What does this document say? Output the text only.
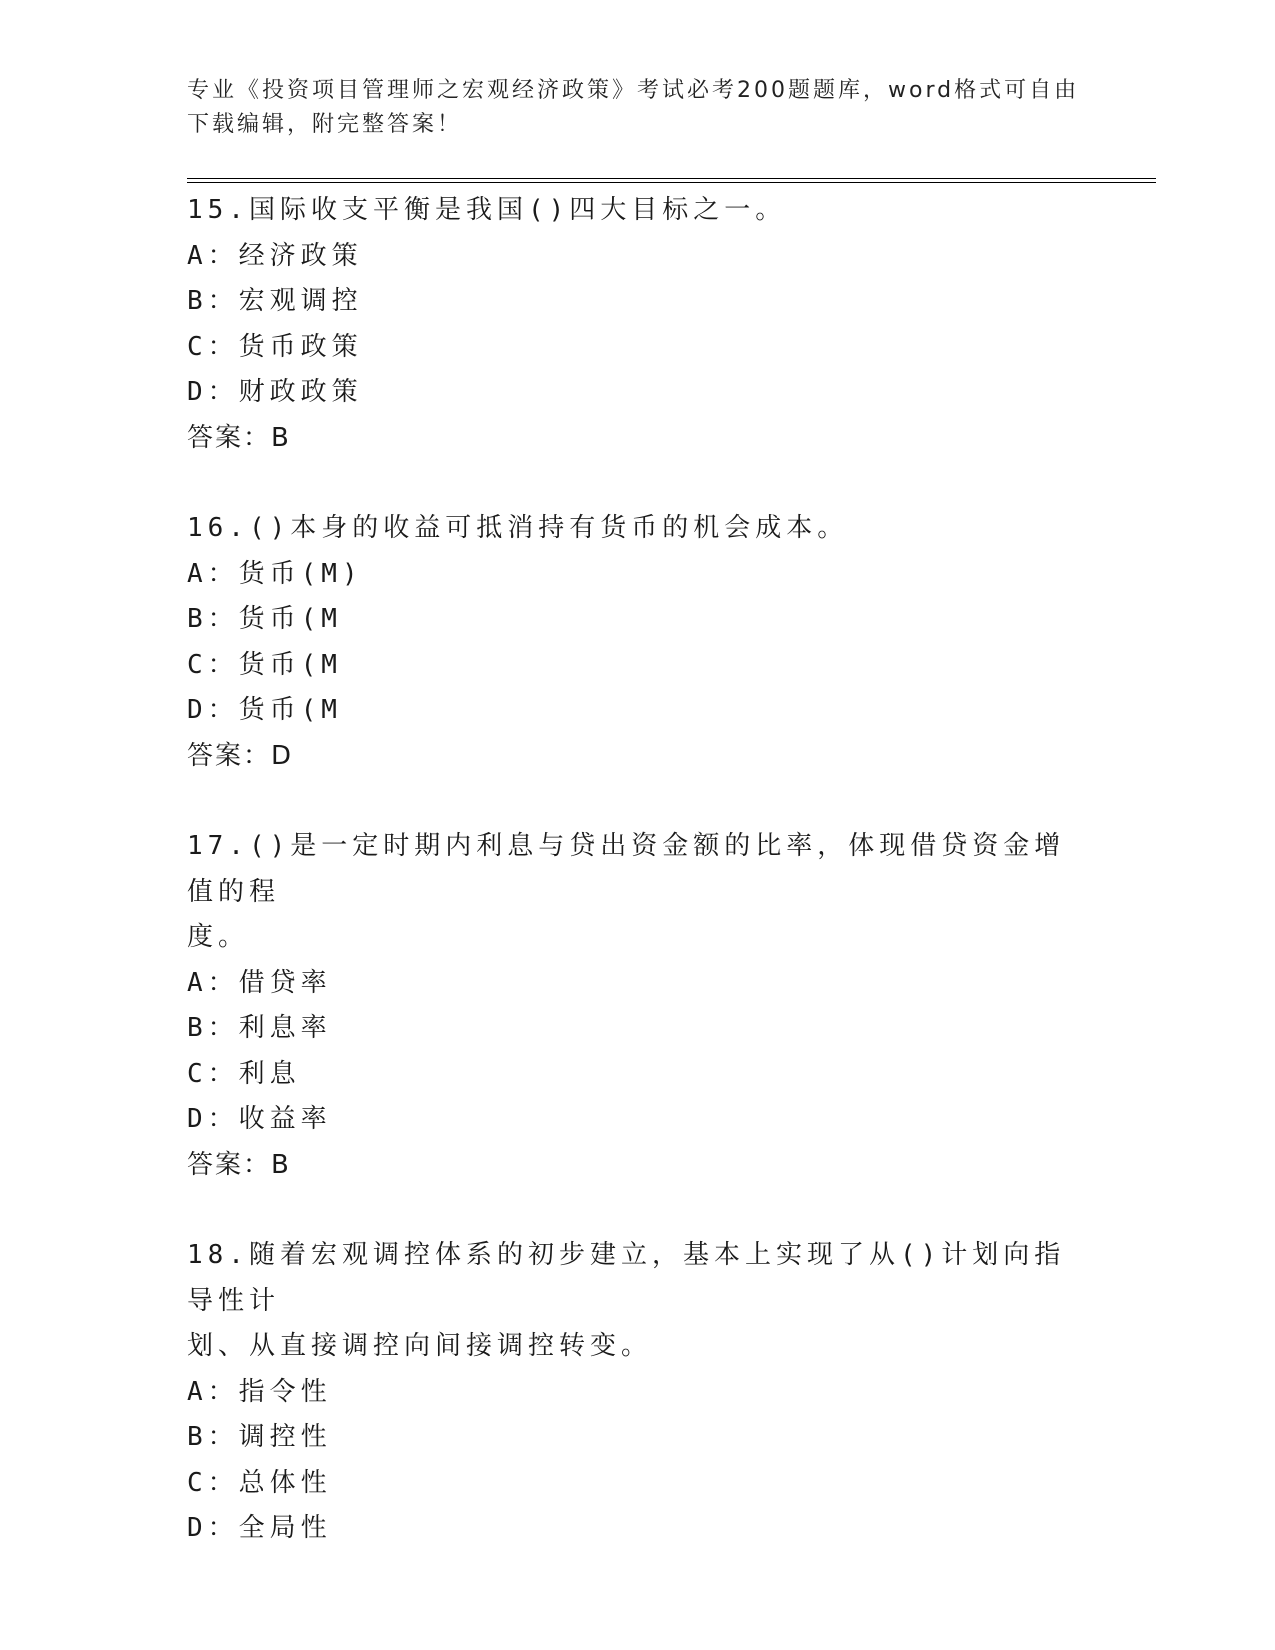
专业《投资项目管理师之宏观经济政策》考试必考200题题库，word格式可自由
下载编辑，附完整答案！
15.国际收支平衡是我国()四大目标之一。
A：经济政策
B：宏观调控
C：货币政策
D：财政政策
答案：B
16.()本身的收益可抵消持有货币的机会成本。
A：货币(M)
B：货币(M
C：货币(M
D：货币(M
答案：D
17.()是一定时期内利息与贷出资金额的比率，体现借贷资金增值的程
度。
A：借贷率
B：利息率
C：利息
D：收益率
答案：B
18.随着宏观调控体系的初步建立，基本上实现了从()计划向指导性计
划、从直接调控向间接调控转变。
A：指令性
B：调控性
C：总体性
D：全局性
